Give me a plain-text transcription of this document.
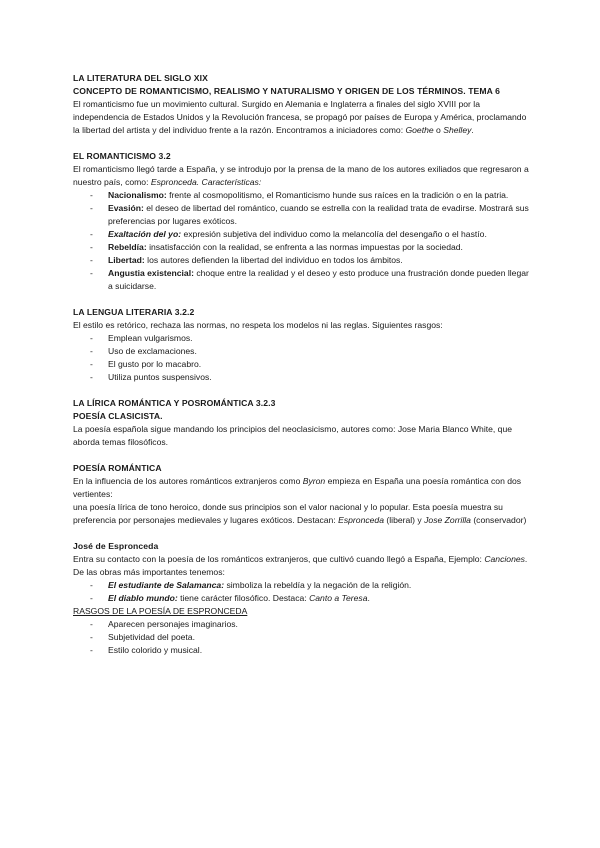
LA LITERATURA DEL SIGLO XIX

CONCEPTO DE ROMANTICISMO, REALISMO Y NATURALISMO Y ORIGEN DE LOS TÉRMINOS. TEMA 6

El romanticismo fue un movimiento cultural. Surgido en Alemania e Inglaterra a finales del siglo XVIII por la independencia de Estados Unidos y la Revolución francesa, se propagó por países de Europa y América, proclamando la libertad del artista y del individuo frente a la razón. Encontramos a iniciadores como: Goethe o Shelley.

EL ROMANTICISMO 3.2

El romanticismo llegó tarde a España, y se introdujo por la prensa de la mano de los autores exiliados que regresaron a nuestro país, como: Espronceda. Características:

- Nacionalismo: frente al cosmopolitismo, el Romanticismo hunde sus raíces en la tradición o en la patria.
- Evasión: el deseo de libertad del romántico, cuando se estrella con la realidad trata de evadirse. Mostrará sus preferencias por lugares exóticos.
- Exaltación del yo: expresión subjetiva del individuo como la melancolía del desengaño o el hastío.
- Rebeldía: insatisfacción con la realidad, se enfrenta a las normas impuestas por la sociedad.
- Libertad: los autores defienden la libertad del individuo en todos los ámbitos.
- Angustia existencial: choque entre la realidad y el deseo y esto produce una frustración donde pueden llegar a suicidarse.

LA LENGUA LITERARIA 3.2.2

El estilo es retórico, rechaza las normas, no respeta los modelos ni las reglas. Siguientes rasgos:

- Emplean vulgarismos.
- Uso de exclamaciones.
- El gusto por lo macabro.
- Utiliza puntos suspensivos.

LA LÍRICA ROMÁNTICA Y POSROMÁNTICA 3.2.3

POESÍA CLASICISTA.

La poesía española sigue mandando los principios del neoclasicismo, autores como: Jose Maria Blanco White, que aborda temas filosóficos.

POESÍA ROMÁNTICA

En la influencia de los autores románticos extranjeros como Byron empieza en España una poesía romántica con dos vertientes:

una poesía lírica de tono heroico, donde sus principios son el valor nacional y lo popular. Esta poesía muestra su preferencia por personajes medievales y lugares exóticos. Destacan: Espronceda (liberal) y Jose Zorrilla (conservador)

José de Espronceda

Entra su contacto con la poesía de los románticos extranjeros, que cultivó cuando llegó a España, Ejemplo: Canciones. De las obras más importantes tenemos:

- El estudiante de Salamanca: simboliza la rebeldía y la negación de la religión.
- El diablo mundo: tiene carácter filosófico. Destaca: Canto a Teresa.

RASGOS DE LA POESÍA DE ESPRONCEDA

- Aparecen personajes imaginarios.
- Subjetividad del poeta.
- Estilo colorido y musical.
